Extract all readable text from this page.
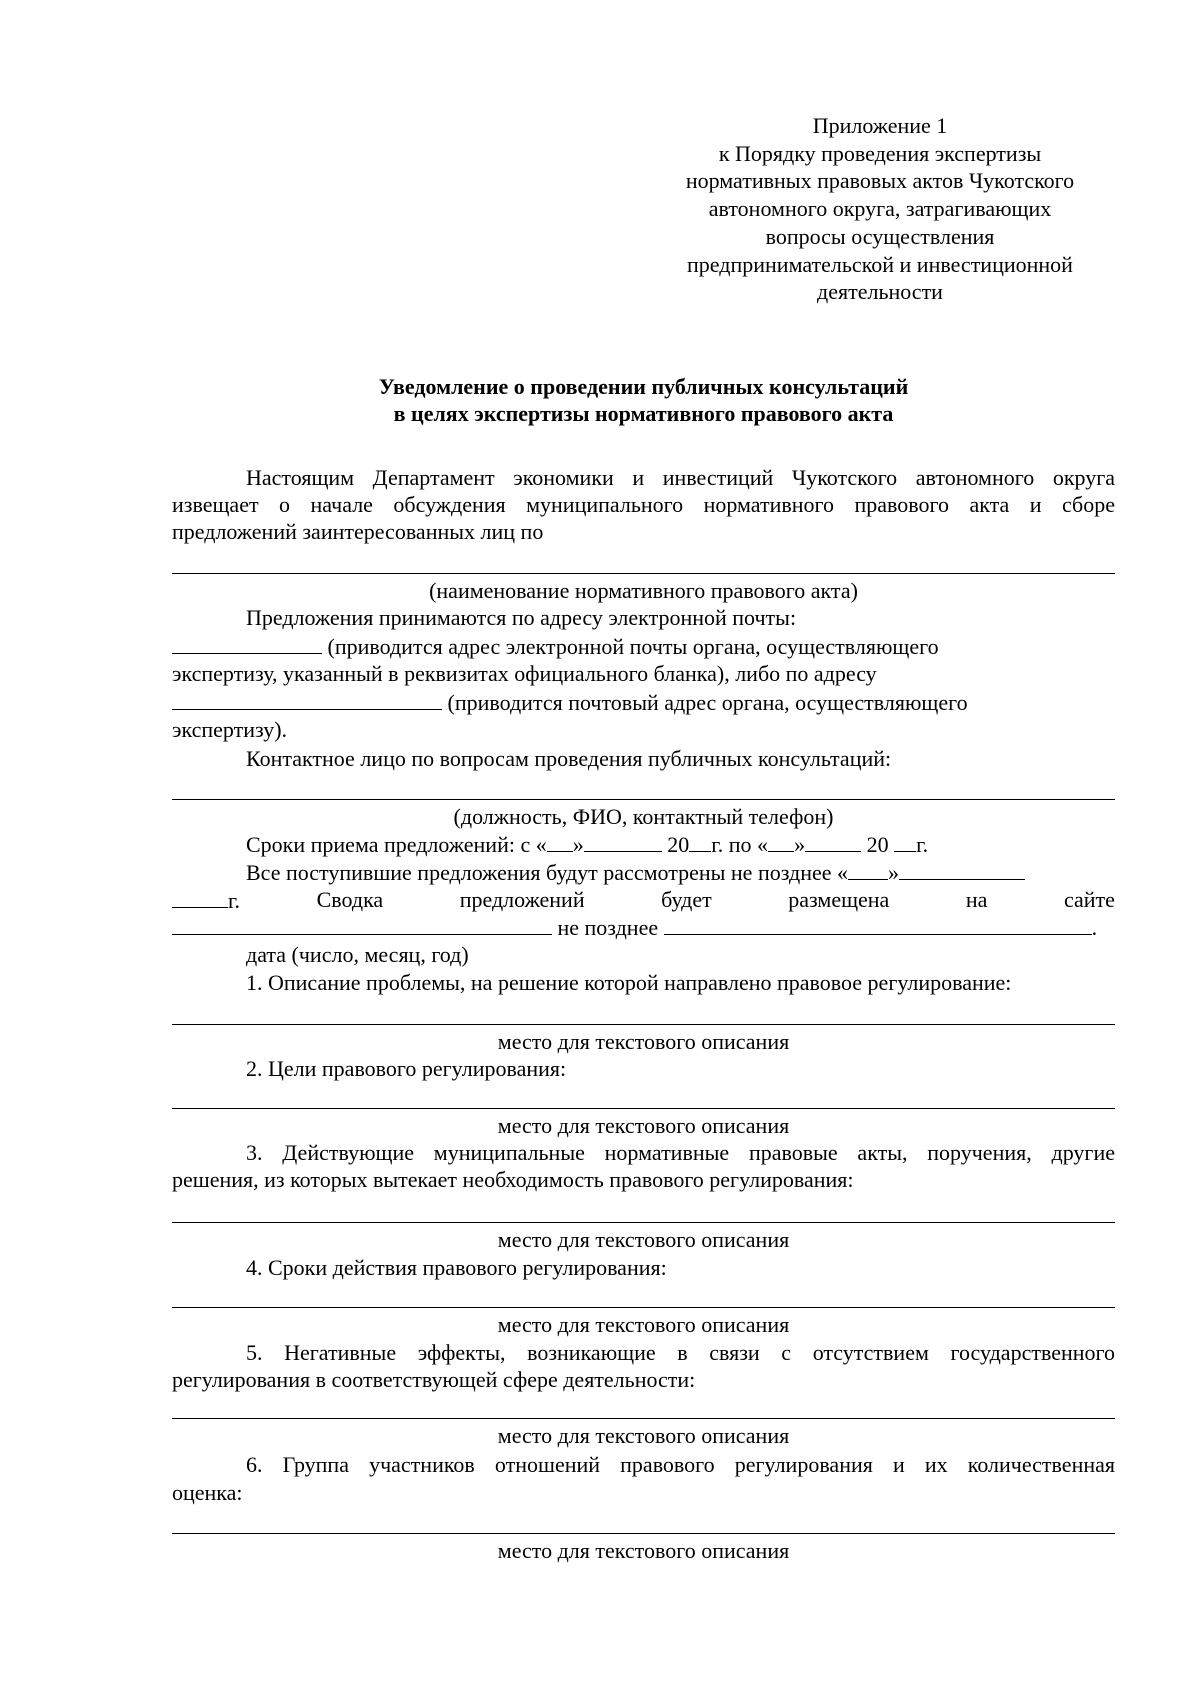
Приложение 1
к Порядку проведения экспертизы
нормативных правовых актов Чукотского
автономного округа, затрагивающих
вопросы осуществления
предпринимательской и инвестиционной
деятельности
Уведомление о проведении публичных консультаций
в целях экспертизы нормативного правового акта
Настоящим Департамент экономики и инвестиций Чукотского автономного округа
извещает о начале обсуждения муниципального нормативного правового акта и сборе
предложений заинтересованных лиц по
(наименование нормативного правового акта)
Предложения принимаются по адресу электронной почты:
(приводится адрес электронной почты органа, осуществляющего
экспертизу, указанный в реквизитах официального бланка), либо по адресу
(приводится почтовый адрес органа, осуществляющего
экспертизу).
Контактное лицо по вопросам проведения публичных консультаций:
(должность, ФИО, контактный телефон)
Сроки приема предложений: с « »	20 г. по « »	20 г.
Все поступившие предложения будут рассмотрены не позднее « »
г.	Сводка	предложений	будет	размещена	на	сайте
не позднее	.
дата (число, месяц, год)
1. Описание проблемы, на решение которой направлено правовое регулирование:
место для текстового описания
2. Цели правового регулирования:
место для текстового описания
3. Действующие муниципальные нормативные правовые акты, поручения, другие
решения, из которых вытекает необходимость правового регулирования:
место для текстового описания
4. Сроки действия правового регулирования:
место для текстового описания
5. Негативные эффекты, возникающие в связи с отсутствием государственного
регулирования в соответствующей сфере деятельности:
место для текстового описания
6. Группа участников отношений правового регулирования и их количественная
оценка:
место для текстового описания
